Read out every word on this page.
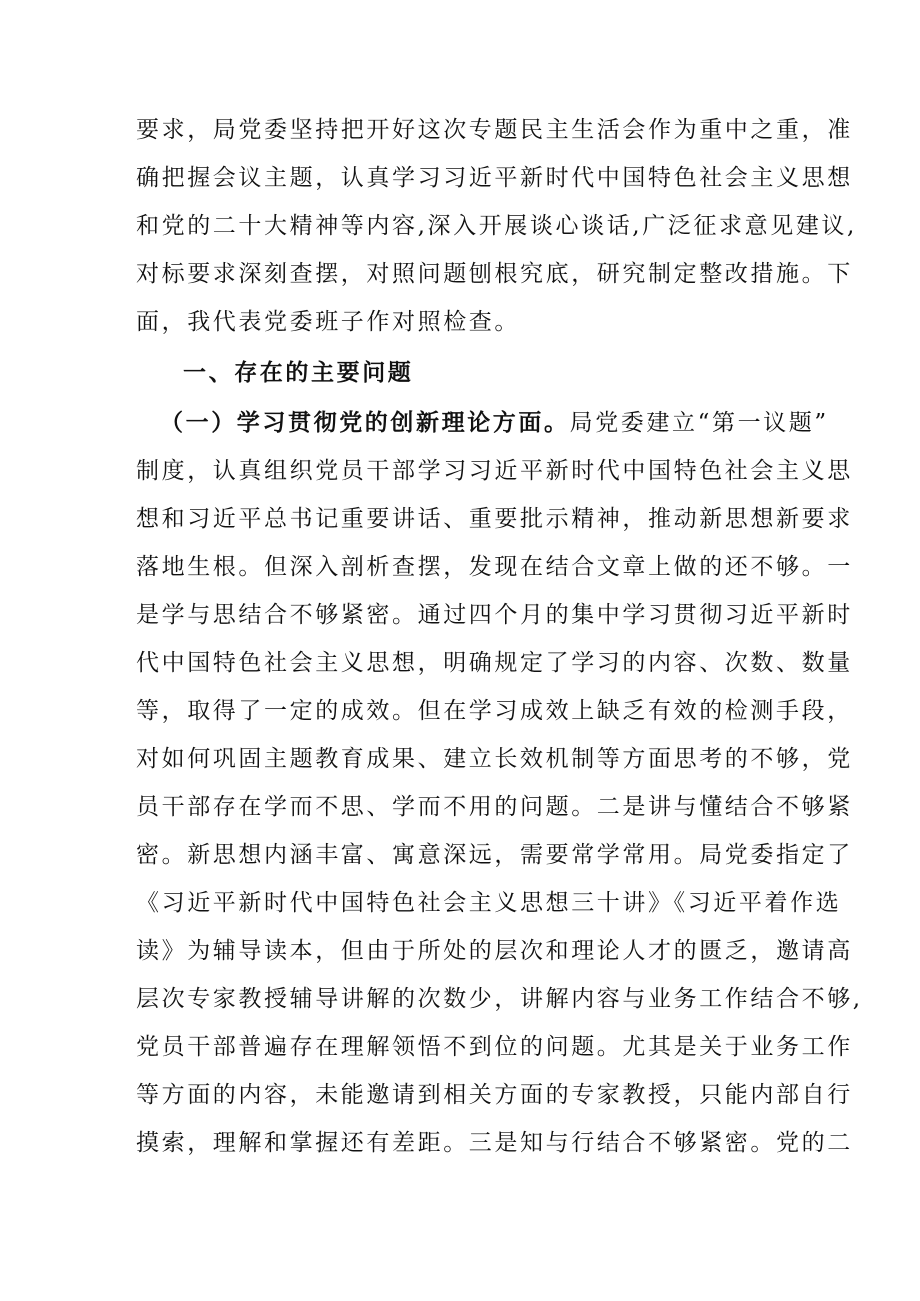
要求，局党委坚持把开好这次专题民主生活会作为重中之重，准
确把握会议主题，认真学习习近平新时代中国特色社会主义思想
和党的二十大精神等内容,深入开展谈心谈话,广泛征求意见建议,
对标要求深刻查摆，对照问题刨根究底，研究制定整改措施。下
面，我代表党委班子作对照检查。
一、存在的主要问题
（一）学习贯彻党的创新理论方面。局党委建立“第一议题”
制度，认真组织党员干部学习习近平新时代中国特色社会主义思
想和习近平总书记重要讲话、重要批示精神，推动新思想新要求
落地生根。但深入剖析查摆，发现在结合文章上做的还不够。一
是学与思结合不够紧密。通过四个月的集中学习贯彻习近平新时
代中国特色社会主义思想，明确规定了学习的内容、次数、数量
等，取得了一定的成效。但在学习成效上缺乏有效的检测手段，
对如何巩固主题教育成果、建立长效机制等方面思考的不够，党
员干部存在学而不思、学而不用的问题。二是讲与懂结合不够紧
密。新思想内涵丰富、寓意深远，需要常学常用。局党委指定了
《习近平新时代中国特色社会主义思想三十讲》《习近平着作选
读》为辅导读本，但由于所处的层次和理论人才的匮乏，邀请高
层次专家教授辅导讲解的次数少，讲解内容与业务工作结合不够,
党员干部普遍存在理解领悟不到位的问题。尤其是关于业务工作
等方面的内容，未能邀请到相关方面的专家教授，只能内部自行
摸索，理解和掌握还有差距。三是知与行结合不够紧密。党的二
